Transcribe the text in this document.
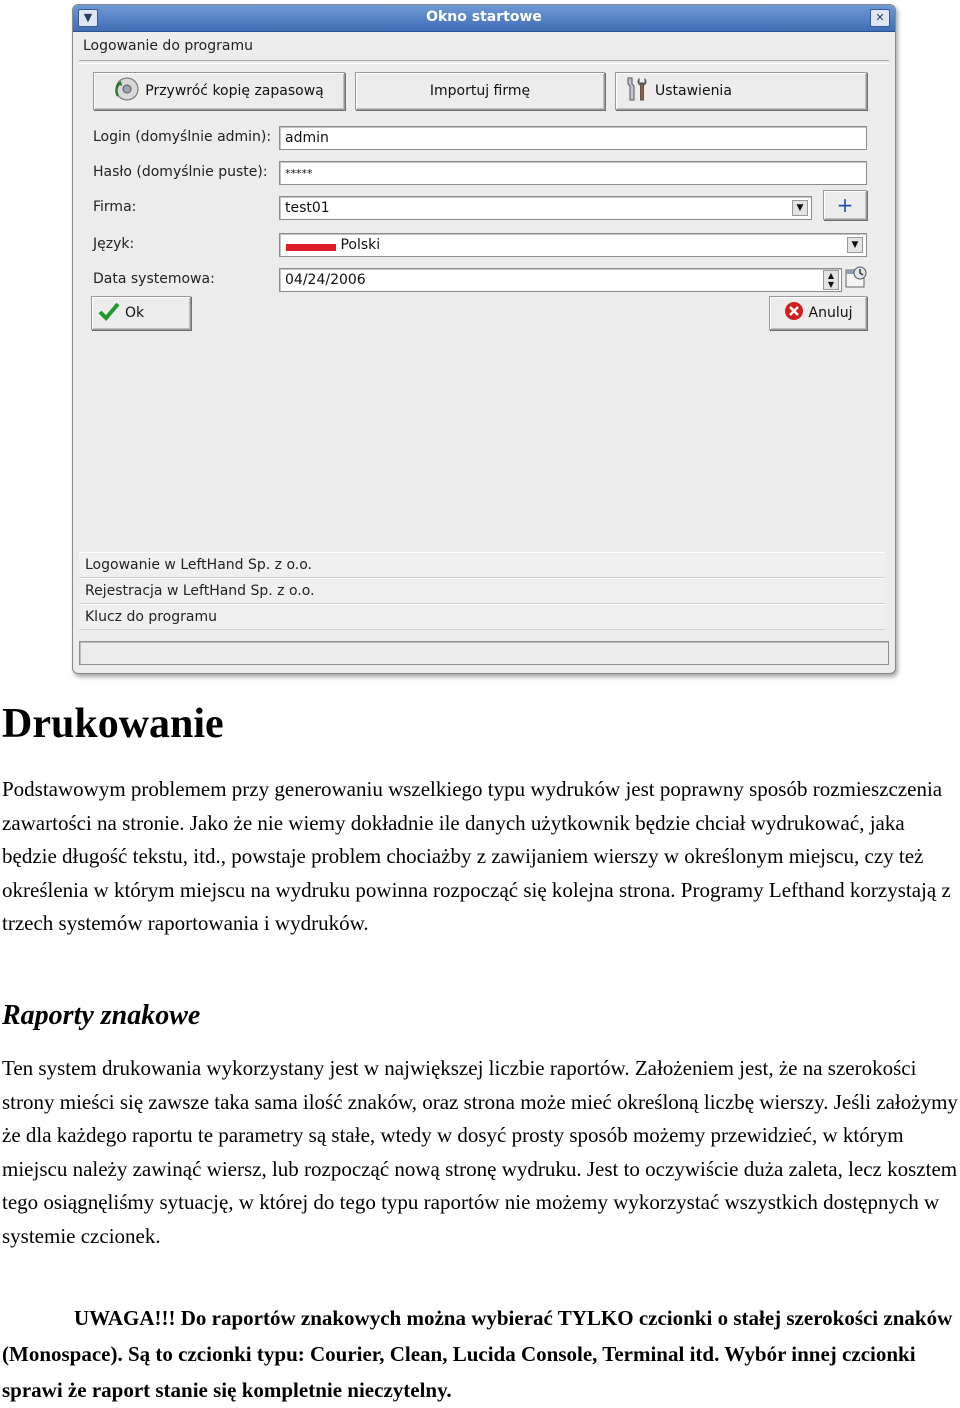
▼	Okno startowe	✕
Logowanie do programu
Przywróć kopię zapasową	Importuj firmę	Ustawienia
Login (domyślnie admin): admin
Hasło (domyślnie puste):	*****
Firma:	test01	▼	+
Język:	Polski	▼
Data systemowa:	04/24/2006	▲
▼
Ok	Anuluj
Logowanie w LeftHand Sp. z o.o.
Rejestracja w LeftHand Sp. z o.o.
Klucz do programu
Drukowanie

Podstawowym problemem przy generowaniu wszelkiego typu wydruków jest poprawny sposób rozmieszczenia zawartości na stronie. Jako że nie wiemy dokładnie ile danych użytkownik będzie chciał wydrukować, jaka będzie długość tekstu, itd., powstaje problem chociażby z zawijaniem wierszy w określonym miejscu, czy też określenia w którym miejscu na wydruku powinna rozpocząć się kolejna strona. Programy Lefthand korzystają z trzech systemów raportowania i wydruków.

Raporty znakowe

Ten system drukowania wykorzystany jest w największej liczbie raportów. Założeniem jest, że na szerokości strony mieści się zawsze taka sama ilość znaków, oraz strona może mieć określoną liczbę wierszy. Jeśli założymy że dla każdego raportu te parametry są stałe, wtedy w dosyć prosty sposób możemy przewidzieć, w którym miejscu należy zawinąć wiersz, lub rozpocząć nową stronę wydruku. Jest to oczywiście duża zaleta, lecz kosztem tego osiągnęliśmy sytuację, w której do tego typu raportów nie możemy wykorzystać wszystkich dostępnych w systemie czcionek.

UWAGA!!! Do raportów znakowych można wybierać TYLKO czcionki o stałej szerokości znaków (Monospace). Są to czcionki typu: Courier, Clean, Lucida Console, Terminal itd. Wybór innej czcionki sprawi że raport stanie się kompletnie nieczytelny.
